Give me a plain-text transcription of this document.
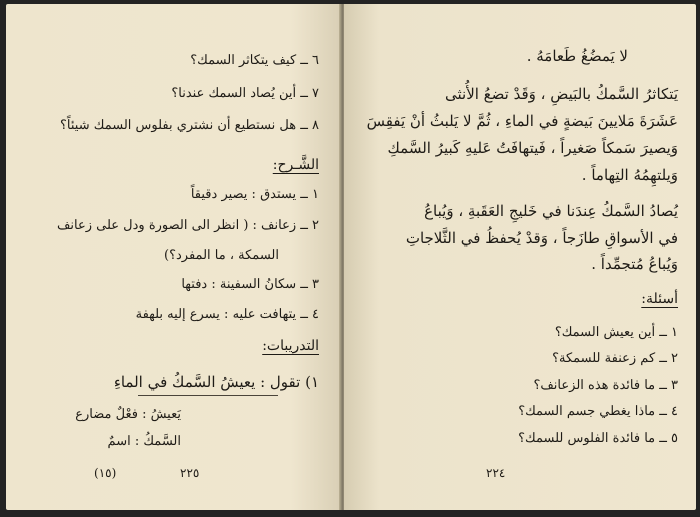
٦ ــ كيف يتكاثر السمك؟
٧ ــ أين يُصاد السمك عندنا؟
٨ ــ هل نستطيع أن نشتري بفلوس السمك شيئاً؟
الشَّـرح:
١ ــ يستدق : يصير دقيقاً
٢ ــ زعانف : ( انظر الى الصورة ودل على زعانف
السمكة ، ما المفرد؟)
٣ ــ سكانُ السفينة : دفتها
٤ ــ يتهافت عليه : يسرع إليه بلهفة
التدريبات:
١) تقول : يعيشُ السَّمكُ في الماءِ
يَعيشُ : فعْلٌ مضارع
السَّمكُ : اسمٌ
٢٢٥
(١٥)
لا يَمضُغُ طَعامَهُ .
يَتكاثرُ السَّمكُ بالبَيضِ ، وَقَدْ تضعُ الأُنثى
عَشَرَةَ مَلايينَ بَيضةٍ في الماءِ ، ثُمَّ لا يَلبثُ أنْ يَفقِسَ
وَيصيرَ سَمكاً صَغيراً ، فَيتهافَتُ عَليهِ كَبيرُ السَّمكِ
وَيلتهِمُهُ التِهاماً .
يُصادُ السَّمكُ عِندَنا في خَليجِ العَقَبةِ ، وَيُباعُ
في الأسواقِ طازَجاً ، وَقدْ يُحفظُ في الثَّلاجاتِ
وَيُباعُ مُتجمِّداً .
أسئلة:
١ ــ أين يعيش السمك؟
٢ ــ كم زعنفة للسمكة؟
٣ ــ ما فائدة هذه الزعانف؟
٤ ــ ماذا يغطي جسم السمك؟
٥ ــ ما فائدة الفلوس للسمك؟
٢٢٤
